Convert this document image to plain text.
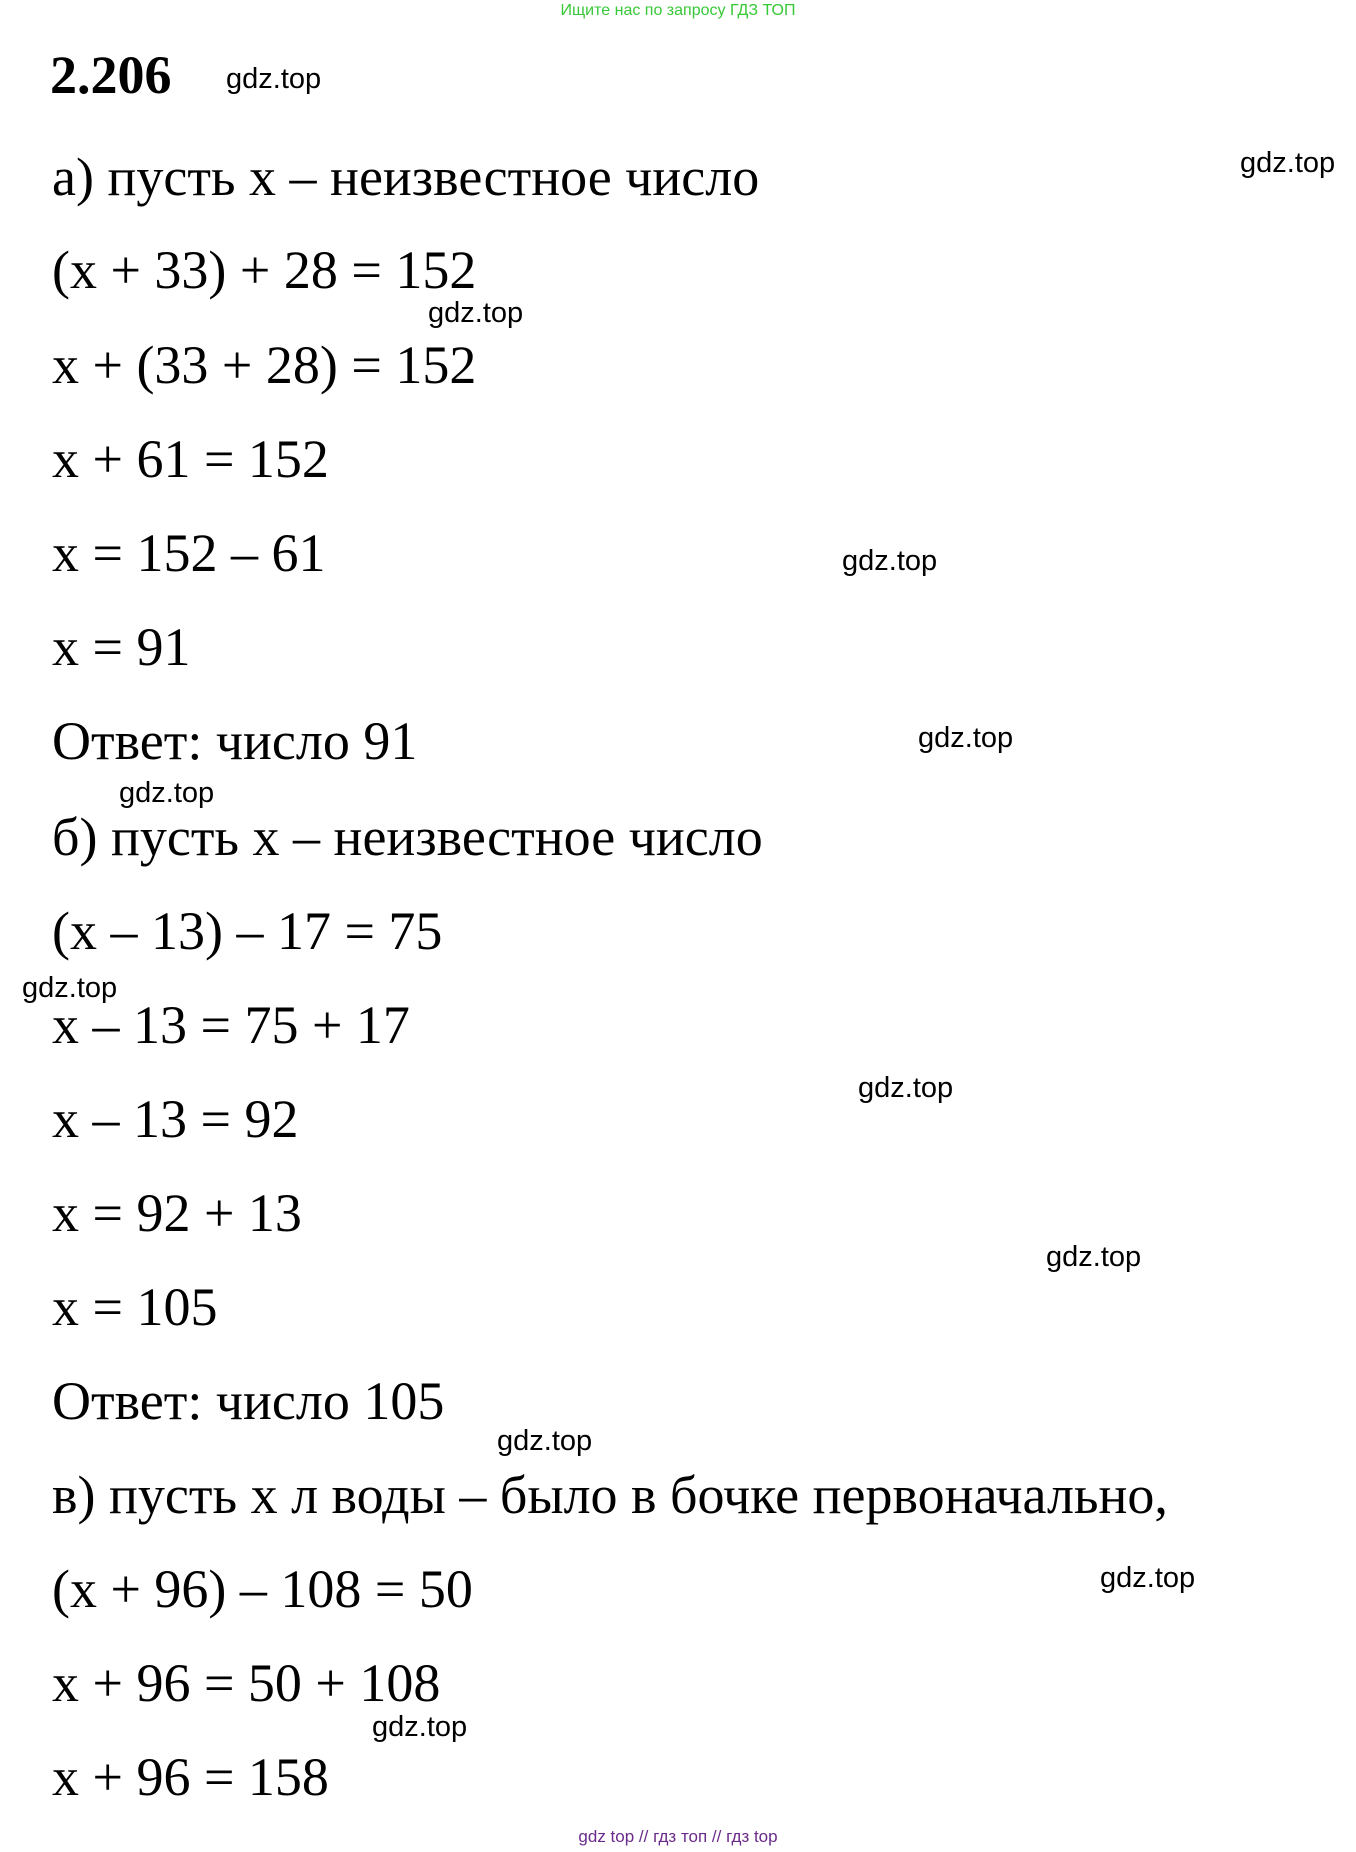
Ищите нас по запросу ГДЗ ТОП
2.206
а) пусть х – неизвестное число
(х + 33) + 28 = 152
х + (33 + 28) = 152
х + 61 = 152
х = 152 – 61
х = 91
Ответ: число 91
б) пусть х – неизвестное число
(х – 13) – 17 = 75
х – 13 = 75 + 17
х – 13 = 92
х = 92 + 13
х = 105
Ответ: число 105
в) пусть х л воды – было в бочке первоначально,
(х + 96) – 108 = 50
х + 96 = 50 + 108
х + 96 = 158
gdz.top
gdz.top
gdz.top
gdz.top
gdz.top
gdz.top
gdz.top
gdz.top
gdz.top
gdz.top
gdz.top
gdz.top
gdz top // гдз топ // гдз top
